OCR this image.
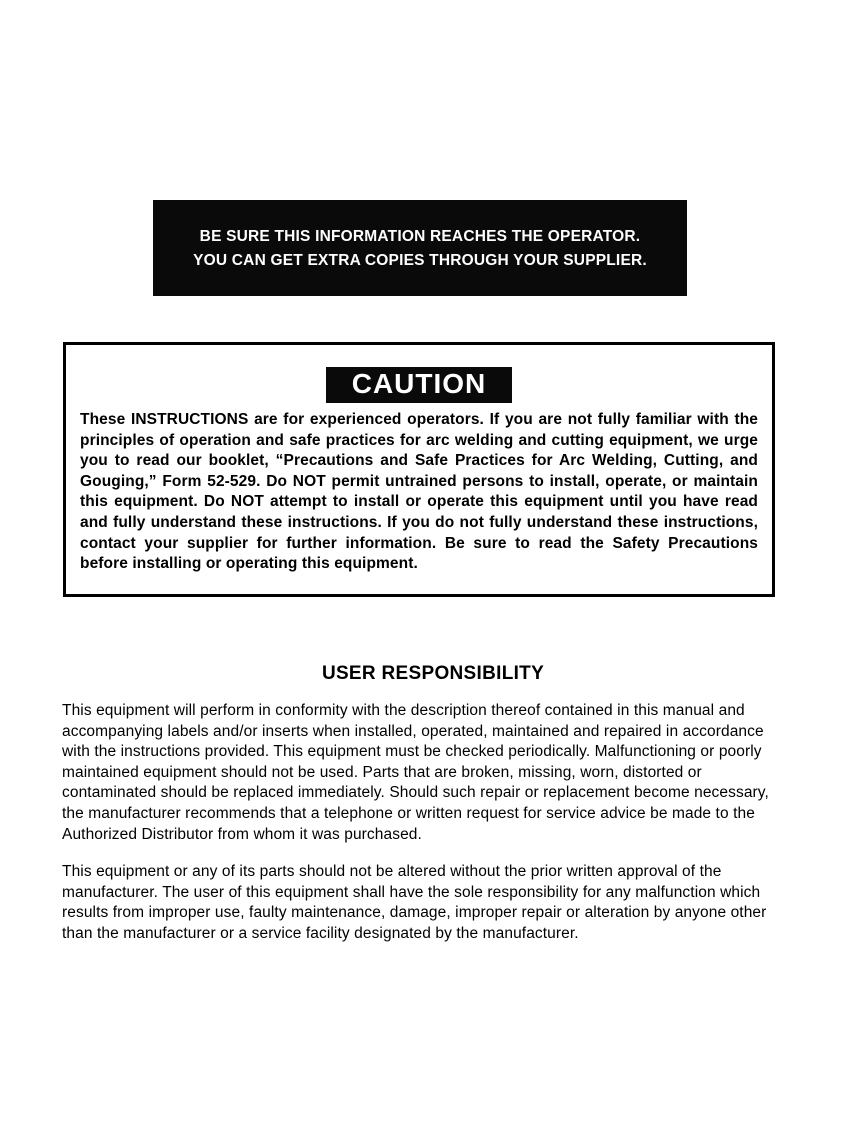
BE SURE THIS INFORMATION REACHES THE OPERATOR.
YOU CAN GET EXTRA COPIES THROUGH YOUR SUPPLIER.
CAUTION
These INSTRUCTIONS are for experienced operators. If you are not fully familiar with the principles of operation and safe practices for arc welding and cutting equipment, we urge you to read our booklet, “Precautions and Safe Practices for Arc Welding, Cutting, and Gouging,” Form 52-529. Do NOT permit untrained persons to install, operate, or maintain this equipment. Do NOT attempt to install or operate this equipment until you have read and fully understand these instructions. If you do not fully understand these instructions, contact your supplier for further information. Be sure to read the Safety Precautions before installing or operating this equipment.
USER RESPONSIBILITY

This equipment will perform in conformity with the description thereof contained in this manual and accompanying labels and/or inserts when installed, operated, maintained and repaired in accordance with the instructions provided. This equipment must be checked periodically. Malfunctioning or poorly maintained equipment should not be used. Parts that are broken, missing, worn, distorted or contaminated should be replaced immediately. Should such repair or replacement become necessary, the manufacturer recommends that a telephone or written request for service advice be made to the Authorized Distributor from whom it was purchased.

This equipment or any of its parts should not be altered without the prior written approval of the manufacturer. The user of this equipment shall have the sole responsibility for any malfunction which results from improper use, faulty maintenance, damage, improper repair or alteration by anyone other than the manufacturer or a service facility designated by the manufacturer.
